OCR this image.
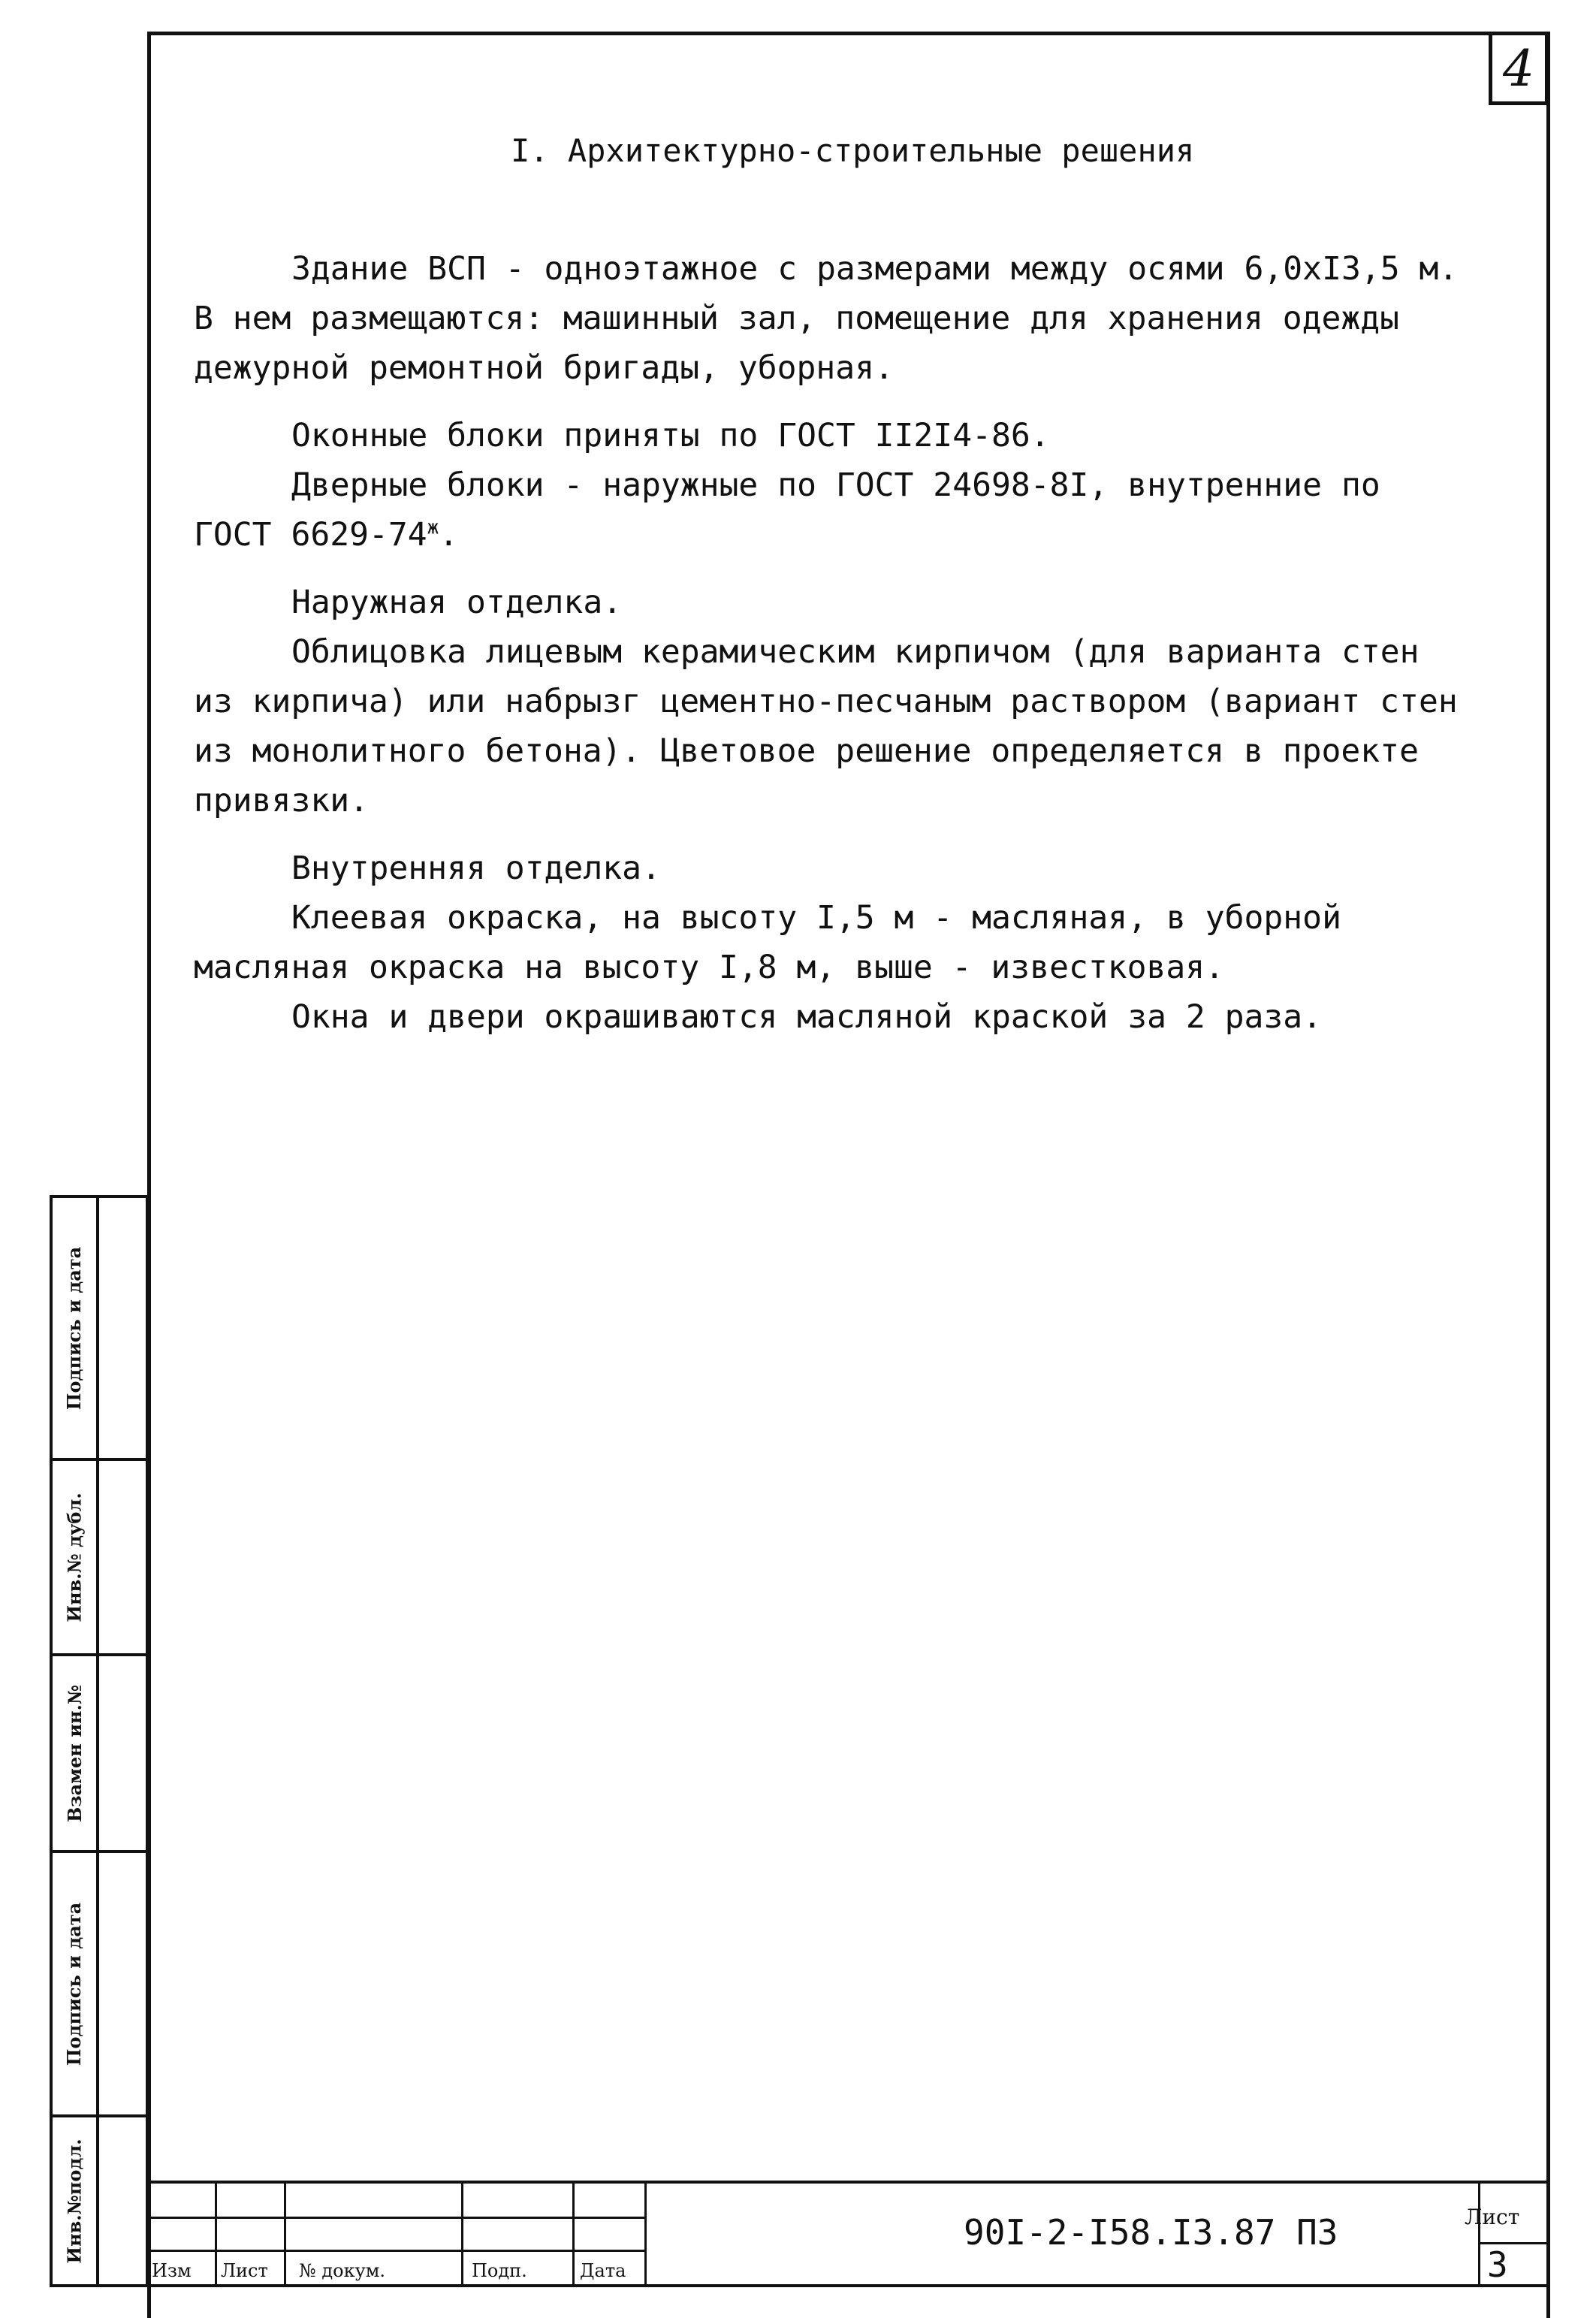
4
I. Архитектурно-строительные решения

Здание ВСП - одноэтажное с размерами между осями 6,0хI3,5 м.

В нем размещаются: машинный зал, помещение для хранения одежды

дежурной ремонтной бригады, уборная.

Оконные блоки приняты по ГОСТ II2I4-86.

Дверные блоки - наружные по ГОСТ 24698-8I, внутренние по

ГОСТ $6629-74^ж$.

Наружная отделка.

Облицовка лицевым керамическим кирпичом (для варианта стен

из кирпича) или набрызг цементно-песчаным раствором (вариант стен

из монолитного бетона). Цветовое решение определяется в проекте

привязки.

Внутренняя отделка.

Клеевая окраска, на высоту I,5 м - масляная, в уборной

масляная окраска на высоту I,8 м, выше - известковая.

Окна и двери окрашиваются масляной краской за 2 раза.

Подпись и дата
Инв.№ дубл.
Взамен ин.№
Подпись и дата
Инв.№подл.
Изм Лист № докум.	Подп.	Дата
90I-2-I58.I3.87 ПЗ	Лист
3
